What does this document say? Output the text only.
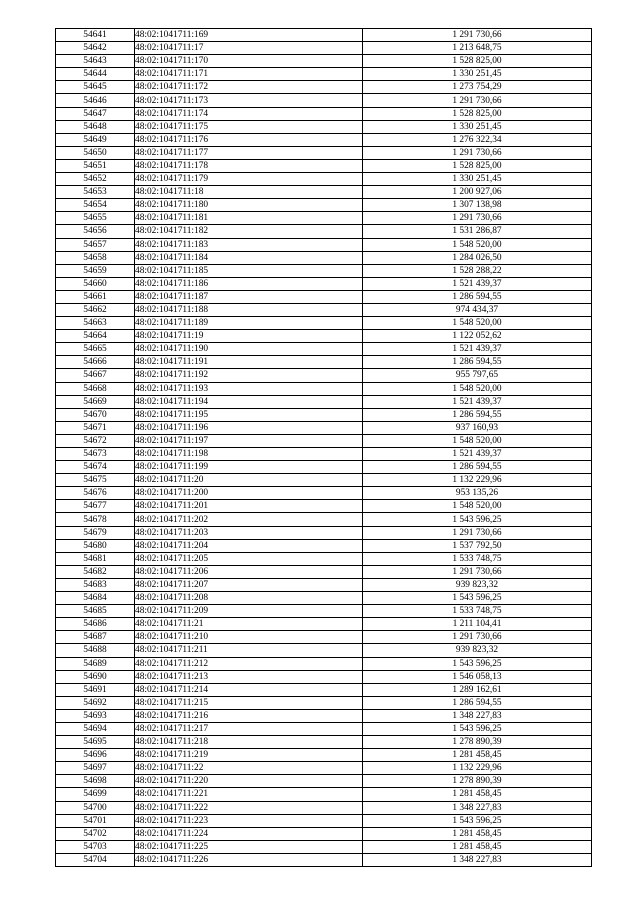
54641	48:02:1041711:169	1 291 730,66
54642	48:02:1041711:17	1 213 648,75
54643	48:02:1041711:170	1 528 825,00
54644	48:02:1041711:171	1 330 251,45
54645	48:02:1041711:172	1 273 754,29
54646	48:02:1041711:173	1 291 730,66
54647	48:02:1041711:174	1 528 825,00
54648	48:02:1041711:175	1 330 251,45
54649	48:02:1041711:176	1 276 322,34
54650	48:02:1041711:177	1 291 730,66
54651	48:02:1041711:178	1 528 825,00
54652	48:02:1041711:179	1 330 251,45
54653	48:02:1041711:18	1 200 927,06
54654	48:02:1041711:180	1 307 138,98
54655	48:02:1041711:181	1 291 730,66
54656	48:02:1041711:182	1 531 286,87
54657	48:02:1041711:183	1 548 520,00
54658	48:02:1041711:184	1 284 026,50
54659	48:02:1041711:185	1 528 288,22
54660	48:02:1041711:186	1 521 439,37
54661	48:02:1041711:187	1 286 594,55
54662	48:02:1041711:188	974 434,37
54663	48:02:1041711:189	1 548 520,00
54664	48:02:1041711:19	1 122 052,62
54665	48:02:1041711:190	1 521 439,37
54666	48:02:1041711:191	1 286 594,55
54667	48:02:1041711:192	955 797,65
54668	48:02:1041711:193	1 548 520,00
54669	48:02:1041711:194	1 521 439,37
54670	48:02:1041711:195	1 286 594,55
54671	48:02:1041711:196	937 160,93
54672	48:02:1041711:197	1 548 520,00
54673	48:02:1041711:198	1 521 439,37
54674	48:02:1041711:199	1 286 594,55
54675	48:02:1041711:20	1 132 229,96
54676	48:02:1041711:200	953 135,26
54677	48:02:1041711:201	1 548 520,00
54678	48:02:1041711:202	1 543 596,25
54679	48:02:1041711:203	1 291 730,66
54680	48:02:1041711:204	1 537 792,50
54681	48:02:1041711:205	1 533 748,75
54682	48:02:1041711:206	1 291 730,66
54683	48:02:1041711:207	939 823,32
54684	48:02:1041711:208	1 543 596,25
54685	48:02:1041711:209	1 533 748,75
54686	48:02:1041711:21	1 211 104,41
54687	48:02:1041711:210	1 291 730,66
54688	48:02:1041711:211	939 823,32
54689	48:02:1041711:212	1 543 596,25
54690	48:02:1041711:213	1 546 058,13
54691	48:02:1041711:214	1 289 162,61
54692	48:02:1041711:215	1 286 594,55
54693	48:02:1041711:216	1 348 227,83
54694	48:02:1041711:217	1 543 596,25
54695	48:02:1041711:218	1 278 890,39
54696	48:02:1041711:219	1 281 458,45
54697	48:02:1041711:22	1 132 229,96
54698	48:02:1041711:220	1 278 890,39
54699	48:02:1041711:221	1 281 458,45
54700	48:02:1041711:222	1 348 227,83
54701	48:02:1041711:223	1 543 596,25
54702	48:02:1041711:224	1 281 458,45
54703	48:02:1041711:225	1 281 458,45
54704	48:02:1041711:226	1 348 227,83
